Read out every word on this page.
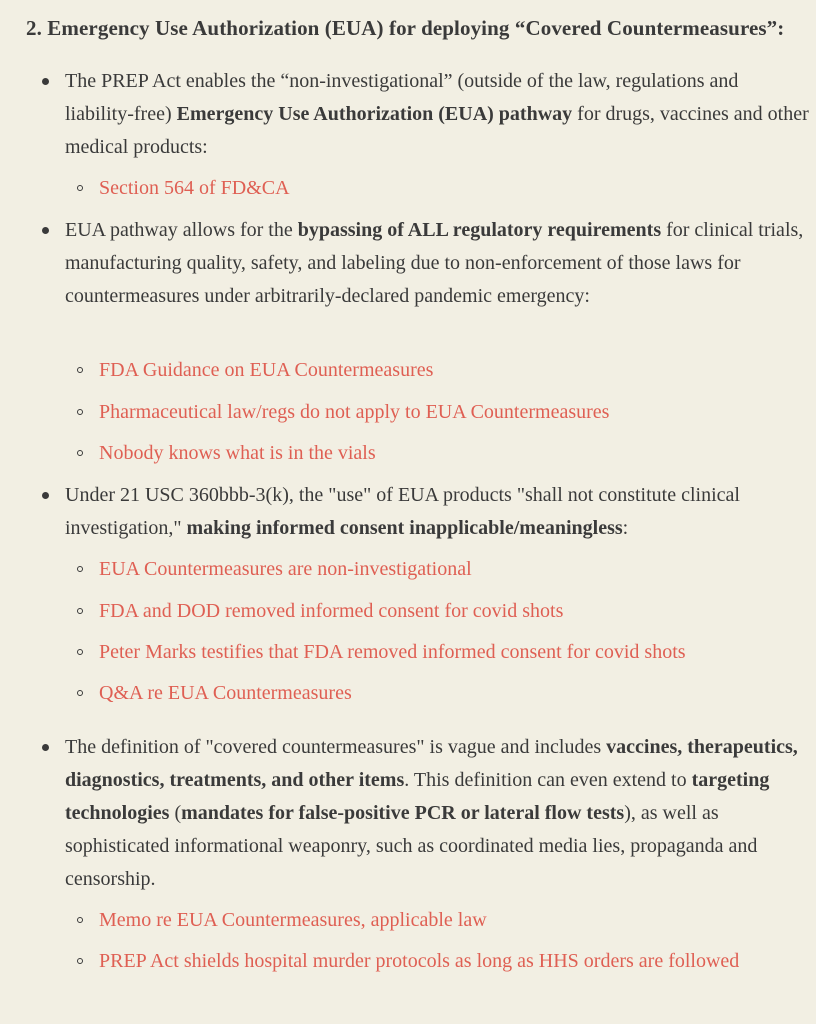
2. Emergency Use Authorization (EUA) for deploying “Covered Countermeasures”:

The PREP Act enables the “non-investigational” (outside of the law, regulations and liability-free) Emergency Use Authorization (EUA) pathway for drugs, vaccines and other medical products:
Section 564 of FD&CA
EUA pathway allows for the bypassing of ALL regulatory requirements for clinical trials, manufacturing quality, safety, and labeling due to non-enforcement of those laws for countermeasures under arbitrarily-declared pandemic emergency:
FDA Guidance on EUA Countermeasures
Pharmaceutical law/regs do not apply to EUA Countermeasures
Nobody knows what is in the vials
Under 21 USC 360bbb-3(k), the "use" of EUA products "shall not constitute clinical investigation," making informed consent inapplicable/meaningless:
EUA Countermeasures are non-investigational
FDA and DOD removed informed consent for covid shots
Peter Marks testifies that FDA removed informed consent for covid shots
Q&A re EUA Countermeasures
The definition of "covered countermeasures" is vague and includes vaccines, therapeutics, diagnostics, treatments, and other items. This definition can even extend to targeting technologies (mandates for false-positive PCR or lateral flow tests), as well as sophisticated informational weaponry, such as coordinated media lies, propaganda and censorship.
Memo re EUA Countermeasures, applicable law
PREP Act shields hospital murder protocols as long as HHS orders are followed
